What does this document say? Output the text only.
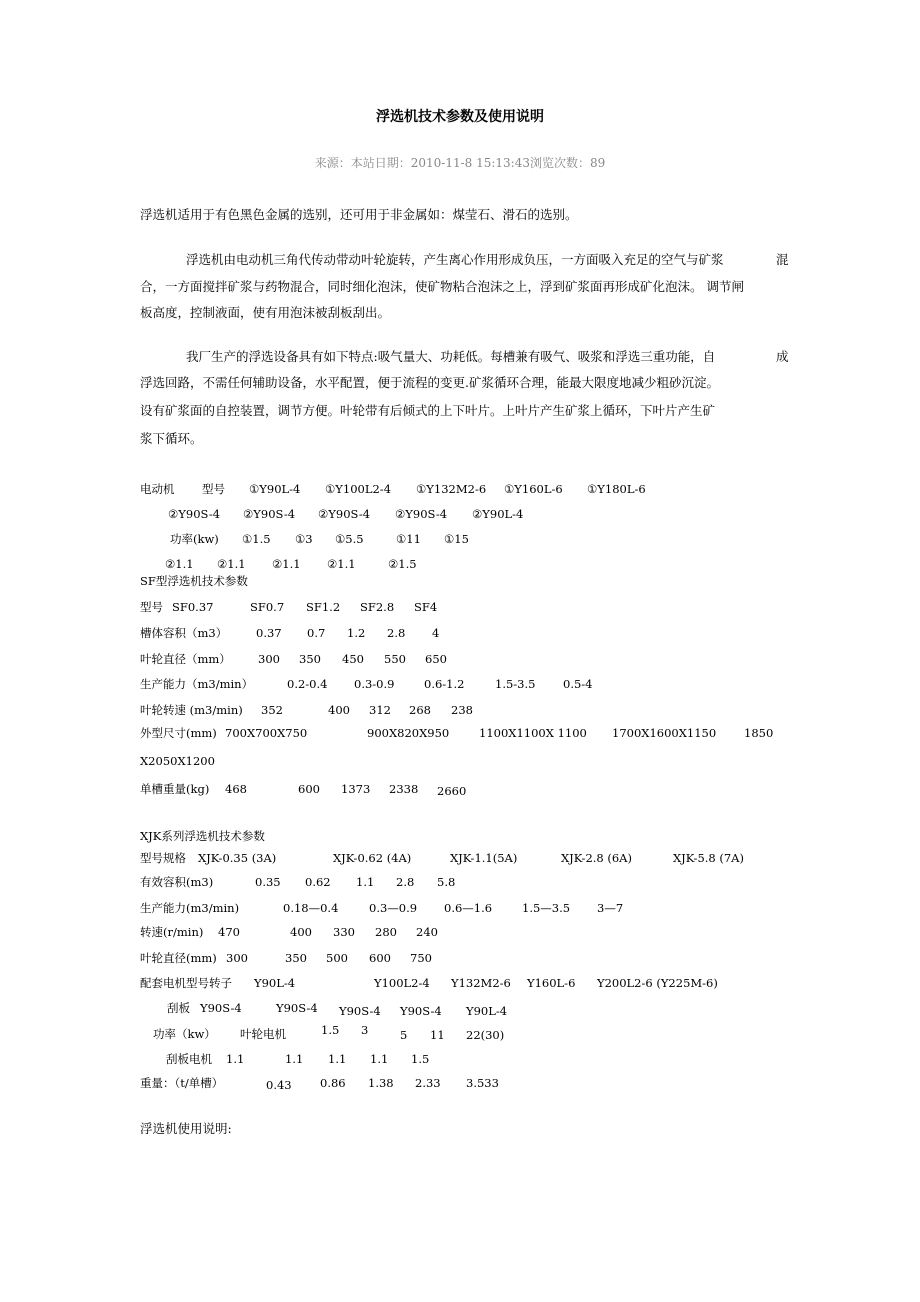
浮选机技术参数及使用说明
来源：本站日期：2010-11-8 15:13:43浏览次数：89
浮选机适用于有色黑色金属的选别，还可用于非金属如：煤莹石、滑石的选别。
浮选机由电动机三角代传动带动叶轮旋转，产生离心作用形成负压，一方面吸入充足的空气与矿浆	混
合，一方面搅拌矿浆与药物混合，同时细化泡沫，使矿物粘合泡沫之上，浮到矿浆面再形成矿化泡沫。 调节闸
板高度，控制液面，使有用泡沫被刮板刮出。
我厂生产的浮选设备具有如下特点:吸气量大、功耗低。每槽兼有吸气、吸浆和浮选三重功能，自	成
浮选回路，不需任何辅助设备，水平配置，便于流程的变更.矿浆循环合理，能最大限度地减少粗砂沉淀。
设有矿浆面的自控装置，调节方便。叶轮带有后倾式的上下叶片。上叶片产生矿浆上循环，下叶片产生矿
浆下循环。
电动机 型号 ①Y90L-4 ①Y100L2-4 ①Y132M2-6 ①Y160L-6 ①Y180L-6
②Y90S-4 ②Y90S-4 ②Y90S-4 ②Y90S-4 ②Y90L-4
功率(kw) ①1.5 ①3 ①5.5	①11 ①15
②1.1 ②1.1 ②1.1 ②1.1	②1.5
SF型浮选机技术参数
型号 SF0.37	SF0.7 SF1.2 SF2.8 SF4
槽体容积（m3）	0.37 0.7 1.2 2.8 4
叶轮直径（mm） 300 350 450 550 650
生产能力（m3/min）	0.2-0.4 0.3-0.9	0.6-1.2	1.5-3.5 0.5-4
叶轮转速 (m3/min) 352	400 312 268 238
外型尺寸(mm) 700X700X750	900X820X950	1100X1100X 1100 1700X1600X1150 1850
X2050X1200
单槽重量(kg) 468	600 1373 2338 2660
XJK系列浮选机技术参数
型号规格 XJK-0.35 (3A)	XJK-0.62 (4A)	XJK-1.1(5A)	XJK-2.8 (6A)	XJK-5.8 (7A)
有效容积(m3)	0.35 0.62 1.1 2.8 5.8
生产能力(m3/min)	0.18—0.4	0.3—0.9 0.6—1.6	1.5—3.5 3—7
转速(r/min) 470	400 330 280 240
叶轮直径(mm) 300	350 500 600 750
配套电机型号转子 Y90L-4	Y100L2-4 Y132M2-6 Y160L-6 Y200L2-6 (Y225M-6)
刮板 Y90S-4	Y90S-4 Y90S-4 Y90S-4 Y90L-4
功率（kw） 叶轮电机	1.5 3	5 11 22(30)
刮板电机 1.1	1.1 1.1 1.1 1.5
重量：（t/单槽）	0.43 0.86 1.38 2.33 3.533
浮选机使用说明:
